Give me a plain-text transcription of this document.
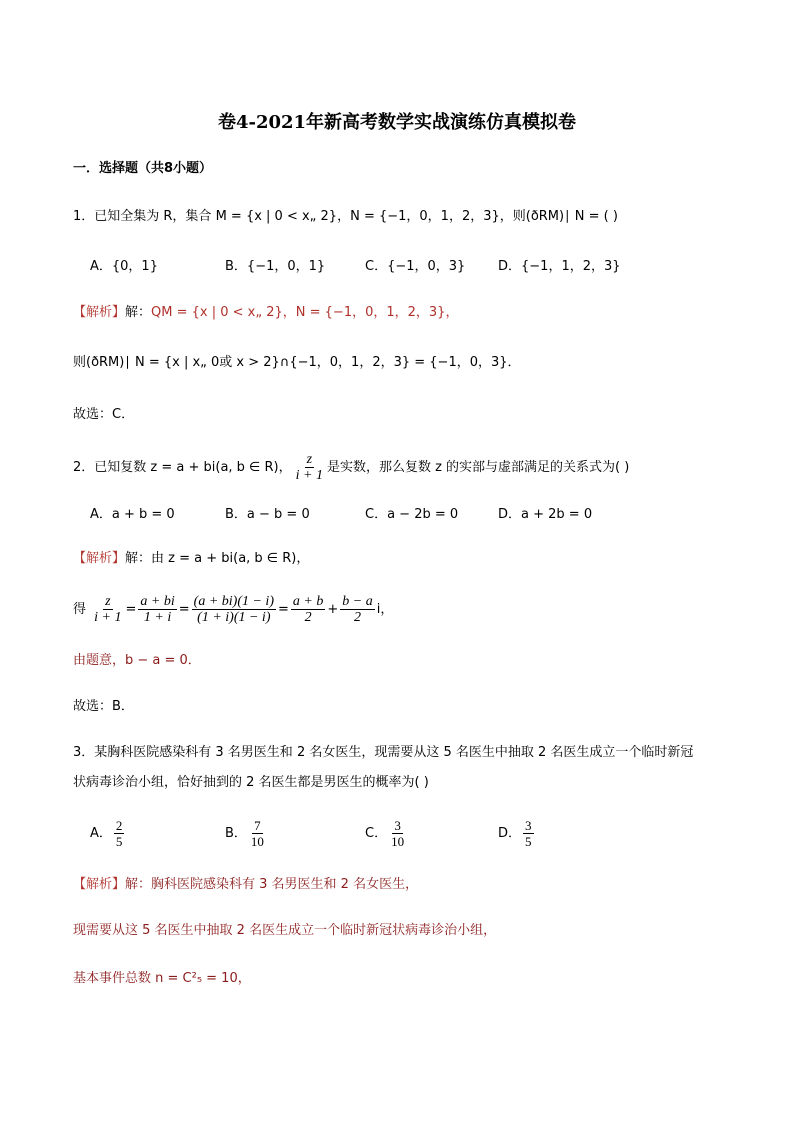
卷4-2021年新高考数学实战演练仿真模拟卷
一．选择题（共8小题）
1．已知全集为 R，集合 M = {x | 0 < x„ 2}，N = {−1，0，1，2，3}，则(ðRM)∣ N = ( )
A．{0，1}	B．{−1，0，1}	C．{−1，0，3}	D．{−1，1，2，3}
【解析】解：QM = {x | 0 < x„ 2}，N = {−1，0，1，2，3}，
则(ðRM)∣ N = {x | x„ 0或 x > 2}∩{−1，0，1，2，3} = {−1，0，3}．
故选：C．
2．已知复数 z = a + bi(a, b ∈ R)， $\frac{z}{i + 1}$ 是实数，那么复数 z 的实部与虚部满足的关系式为( )
A．a + b = 0	B．a − b = 0	C．a − 2b = 0	D．a + 2b = 0
【解析】解：由 z = a + bi(a, b ∈ R)，
得 $\frac{z}{i + 1} = \frac{a + bi}{1 + i} = \frac{(a + bi)(1 - i)}{(1 + i)(1 - i)} = \frac{a + b}{2} + \frac{b - a}{2}$ i，
由题意，b − a = 0．
故选：B．
3．某胸科医院感染科有 3 名男医生和 2 名女医生，现需要从这 5 名医生中抽取 2 名医生成立一个临时新冠
状病毒诊治小组，恰好抽到的 2 名医生都是男医生的概率为( )
A． $\frac{2}{5}$	B． $\frac{7}{10}$	C． $\frac{3}{10}$	D． $\frac{3}{5}$
【解析】解：胸科医院感染科有 3 名男医生和 2 名女医生，
现需要从这 5 名医生中抽取 2 名医生成立一个临时新冠状病毒诊治小组，
基本事件总数 n = C²₅ = 10，
